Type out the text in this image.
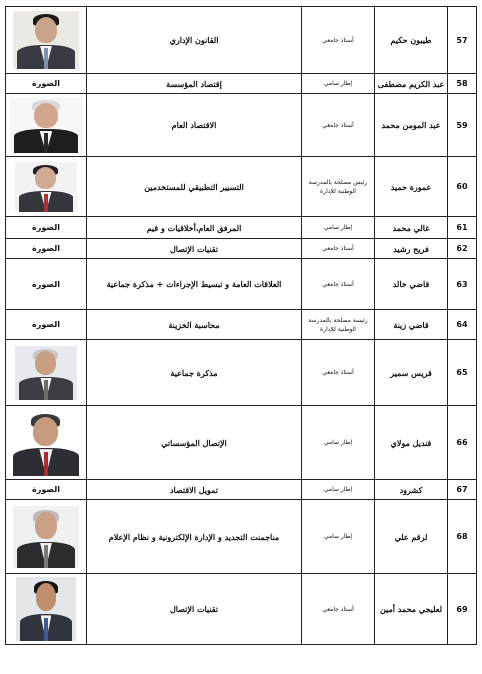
	القانون الإداري	أستاذ جامعي	طيبون حكيم	57
الصورة	إقتصاد المؤسسة	إطار سامي	عبد الكريم مصطفى	58

	الاقتصاد العام	أستاذ جامعي	عبد المومن محمد	59

	التسيير التطبيقي للمستخدمين	رئيس مصلحة بالمدرسة الوطنية للإدارة	عمورة حميد	60
الصورة	المرفق العام،أخلاقيات و قيم	إطار سامي	غالي محمد	61
الصورة	تقنيات الإتصال	أستاذ جامعي	فريح رشيد	62
الصورة	العلاقات العامة و تبسيط الإجراءات + مذكرة جماعية	أستاذ جامعي	قاضي خالد	63
الصورة	محاسبة الخزينة	رئيسة مصلحة بالمدرسة الوطنية للإدارة	قاضي زينة	64

	مذكرة جماعية	أستاذ جامعي	قريس سمير	65

	الإتصال المؤسساتي	إطار سامي	قنديل مولاي	66
الصورة	تمويل الاقتصاد	إطار سامي	كشرود	67

	مناجمنت التجديد و الإدارة الإلكترونية و نظام الإعلام	إطار سامي	لرقم علي	68

	تقنيات الإتصال	أستاذ جامعي	لعليجي محمد أمين	69
